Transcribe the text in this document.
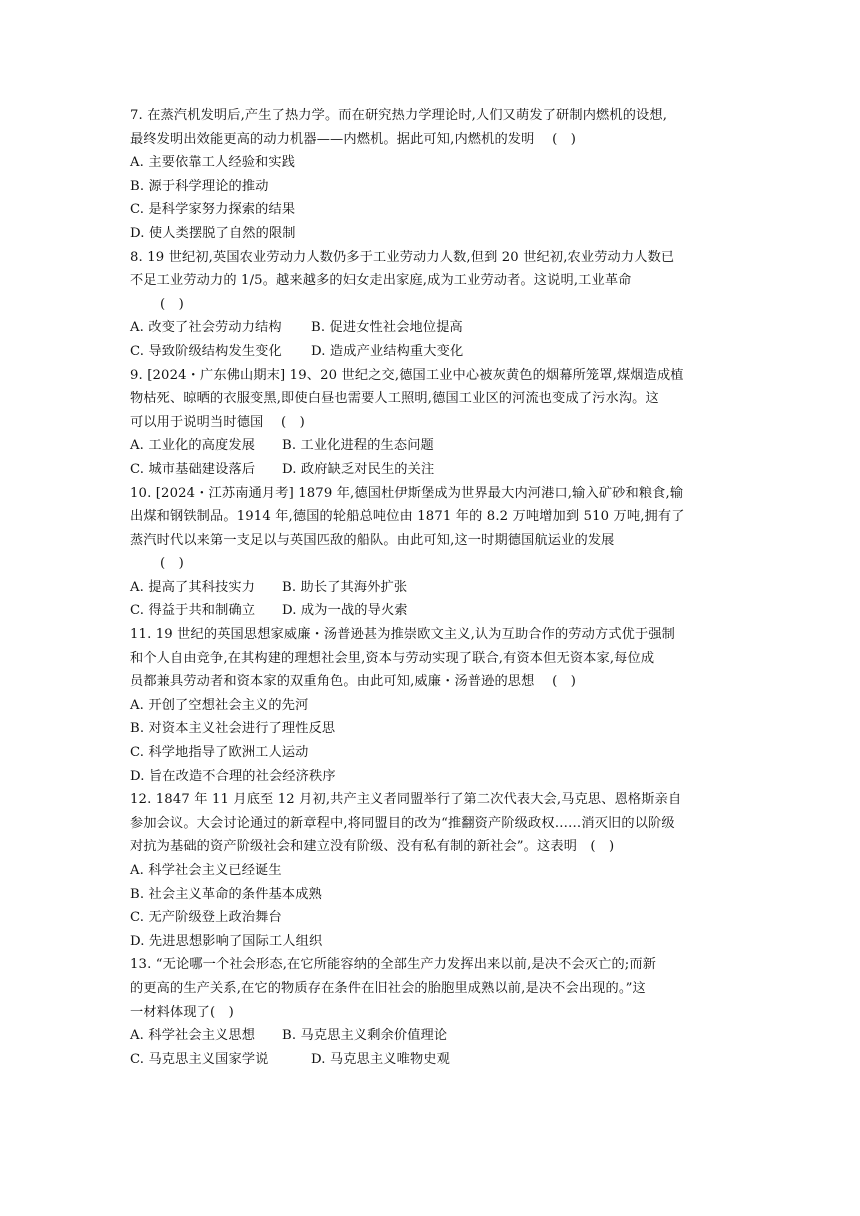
7. 在蒸汽机发明后,产生了热力学。而在研究热力学理论时,人们又萌发了研制内燃机的设想,
最终发明出效能更高的动力机器——内燃机。据此可知,内燃机的发明　 (　)
A. 主要依靠工人经验和实践
B. 源于科学理论的推动
C. 是科学家努力探索的结果
D. 使人类摆脱了自然的限制
8. 19 世纪初,英国农业劳动力人数仍多于工业劳动力人数,但到 20 世纪初,农业劳动力人数已
不足工业劳动力的 1/5。越来越多的妇女走出家庭,成为工业劳动者。这说明,工业革命
(　)
A. 改变了社会劳动力结构 B. 促进女性社会地位提高
C. 导致阶级结构发生变化 D. 造成产业结构重大变化
9. [2024・广东佛山期末] 19、20 世纪之交,德国工业中心被灰黄色的烟幕所笼罩,煤烟造成植
物枯死、晾晒的衣服变黑,即使白昼也需要人工照明,德国工业区的河流也变成了污水沟。这
可以用于说明当时德国　 (　)
A. 工业化的高度发展 B. 工业化进程的生态问题
C. 城市基础建设落后 D. 政府缺乏对民生的关注
10. [2024・江苏南通月考] 1879 年,德国杜伊斯堡成为世界最大内河港口,输入矿砂和粮食,输
出煤和钢铁制品。1914 年,德国的轮船总吨位由 1871 年的 8.2 万吨增加到 510 万吨,拥有了
蒸汽时代以来第一支足以与英国匹敌的船队。由此可知,这一时期德国航运业的发展
(　)
A. 提高了其科技实力 B. 助长了其海外扩张
C. 得益于共和制确立 D. 成为一战的导火索
11. 19 世纪的英国思想家威廉・汤普逊甚为推崇欧文主义,认为互助合作的劳动方式优于强制
和个人自由竞争,在其构建的理想社会里,资本与劳动实现了联合,有资本但无资本家,每位成
员都兼具劳动者和资本家的双重角色。由此可知,威廉・汤普逊的思想　 (　)
A. 开创了空想社会主义的先河
B. 对资本主义社会进行了理性反思
C. 科学地指导了欧洲工人运动
D. 旨在改造不合理的社会经济秩序
12. 1847 年 11 月底至 12 月初,共产主义者同盟举行了第二次代表大会,马克思、恩格斯亲自
参加会议。大会讨论通过的新章程中,将同盟目的改为“推翻资产阶级政权……消灭旧的以阶级
对抗为基础的资产阶级社会和建立没有阶级、没有私有制的新社会”。这表明　(　)
A. 科学社会主义已经诞生
B. 社会主义革命的条件基本成熟
C. 无产阶级登上政治舞台
D. 先进思想影响了国际工人组织
13. “无论哪一个社会形态,在它所能容纳的全部生产力发挥出来以前,是决不会灭亡的;而新
的更高的生产关系,在它的物质存在条件在旧社会的胎胞里成熟以前,是决不会出现的。”这
一材料体现了(　)
A. 科学社会主义思想 B. 马克思主义剩余价值理论
C. 马克思主义国家学说	D. 马克思主义唯物史观
